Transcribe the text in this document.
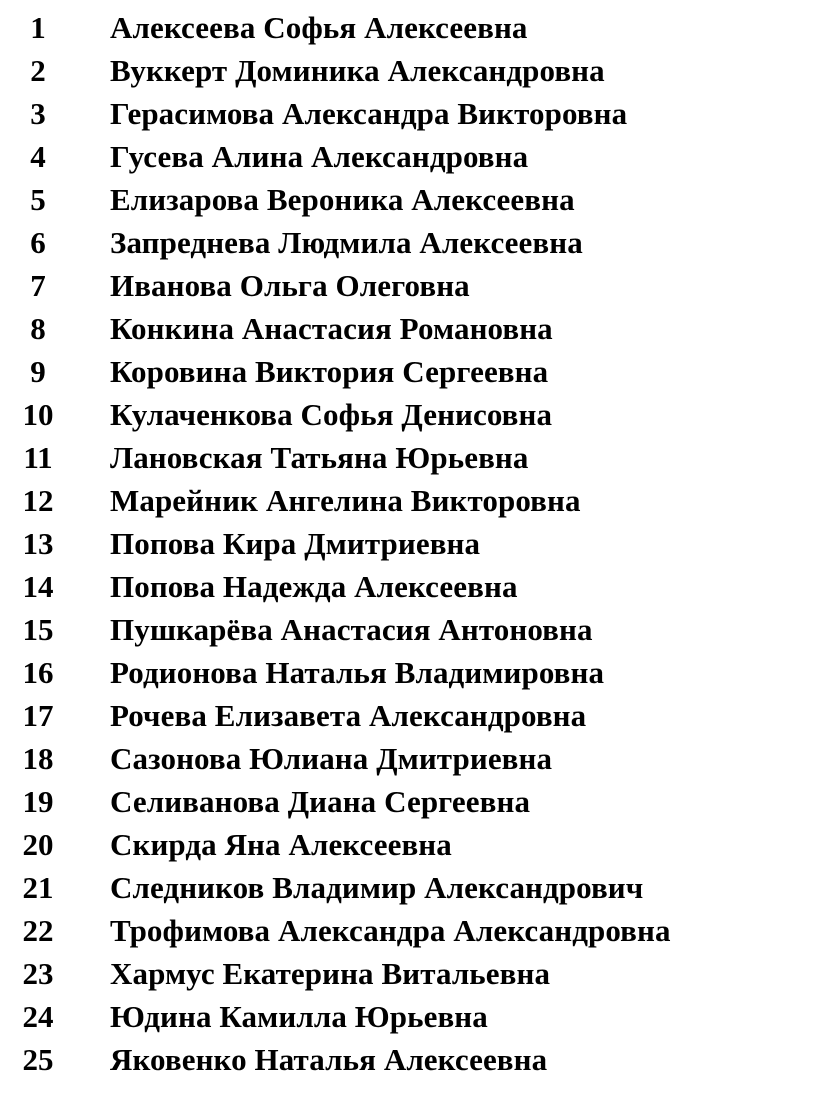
1	Алексеева Софья Алексеевна
2	Вуккерт Доминика Александровна
3	Герасимова Александра Викторовна
4	Гусева Алина Александровна
5	Елизарова Вероника Алексеевна
6	Запреднева Людмила Алексеевна
7	Иванова Ольга Олеговна
8	Конкина Анастасия Романовна
9	Коровина Виктория Сергеевна
10	Кулаченкова Софья Денисовна
11	Лановская Татьяна Юрьевна
12	Марейник Ангелина Викторовна
13	Попова Кира Дмитриевна
14	Попова Надежда Алексеевна
15	Пушкарёва Анастасия Антоновна
16	Родионова Наталья Владимировна
17	Рочева Елизавета Александровна
18	Сазонова Юлиана Дмитриевна
19	Селиванова Диана Сергеевна
20	Скирда Яна Алексеевна
21	Следников Владимир Александрович
22	Трофимова Александра Александровна
23	Хармус Екатерина Витальевна
24	Юдина Камилла Юрьевна
25	Яковенко Наталья Алексеевна
